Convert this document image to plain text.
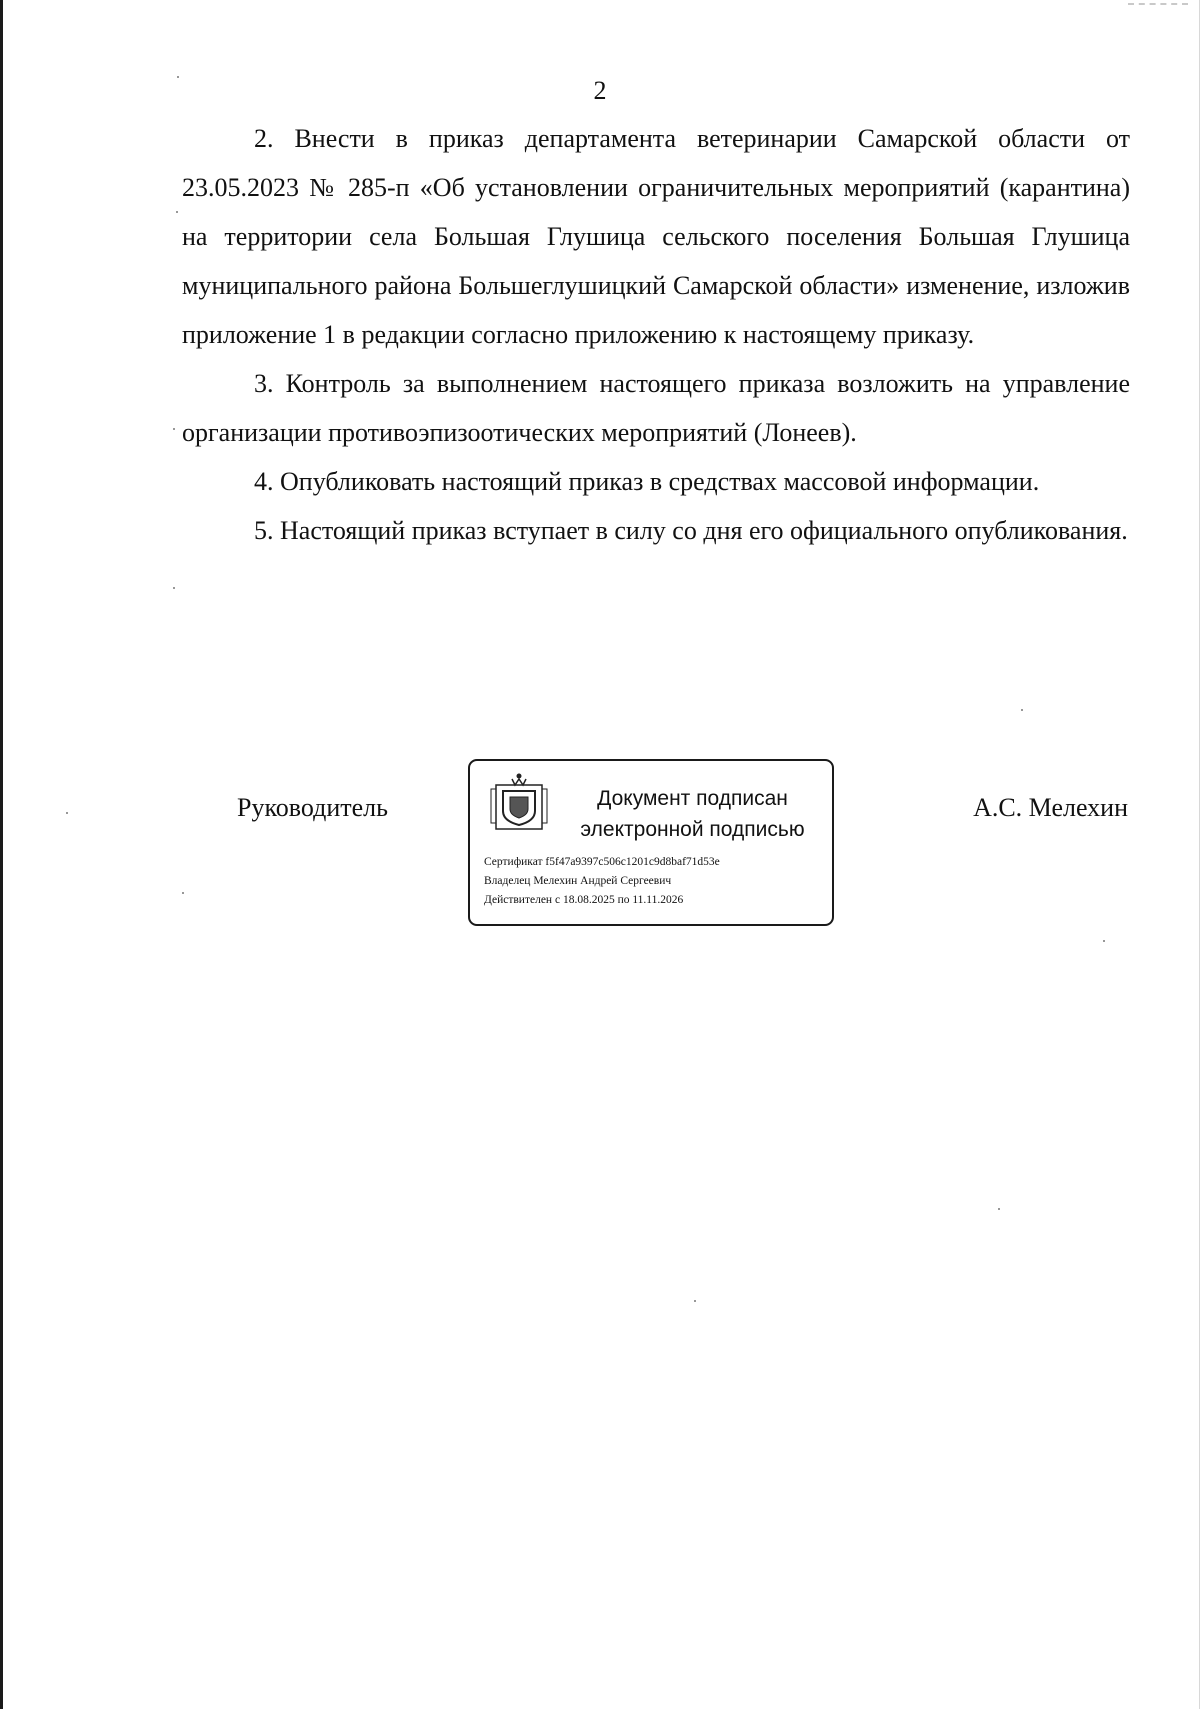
2

2. Внести в приказ департамента ветеринарии Самарской области от 23.05.2023 № 285-п «Об установлении ограничительных мероприятий (карантина) на территории села Большая Глушица сельского поселения Большая Глушица муниципального района Большеглушицкий Самарской области» изменение, изложив приложение 1 в редакции согласно приложению к настоящему приказу.

3. Контроль за выполнением настоящего приказа возложить на управление организации противоэпизоотических мероприятий (Лонеев).

4. Опубликовать настоящий приказ в средствах массовой информации.

5. Настоящий приказ вступает в силу со дня его официального опубликования.

Руководитель	Документ подписан
электронной подписью
Сертификат f5f47a9397c506c1201c9d8baf71d53e
Владелец Мелехин Андрей Сергеевич
Действителен с 18.08.2025 по 11.11.2026
А.С. Мелехин
